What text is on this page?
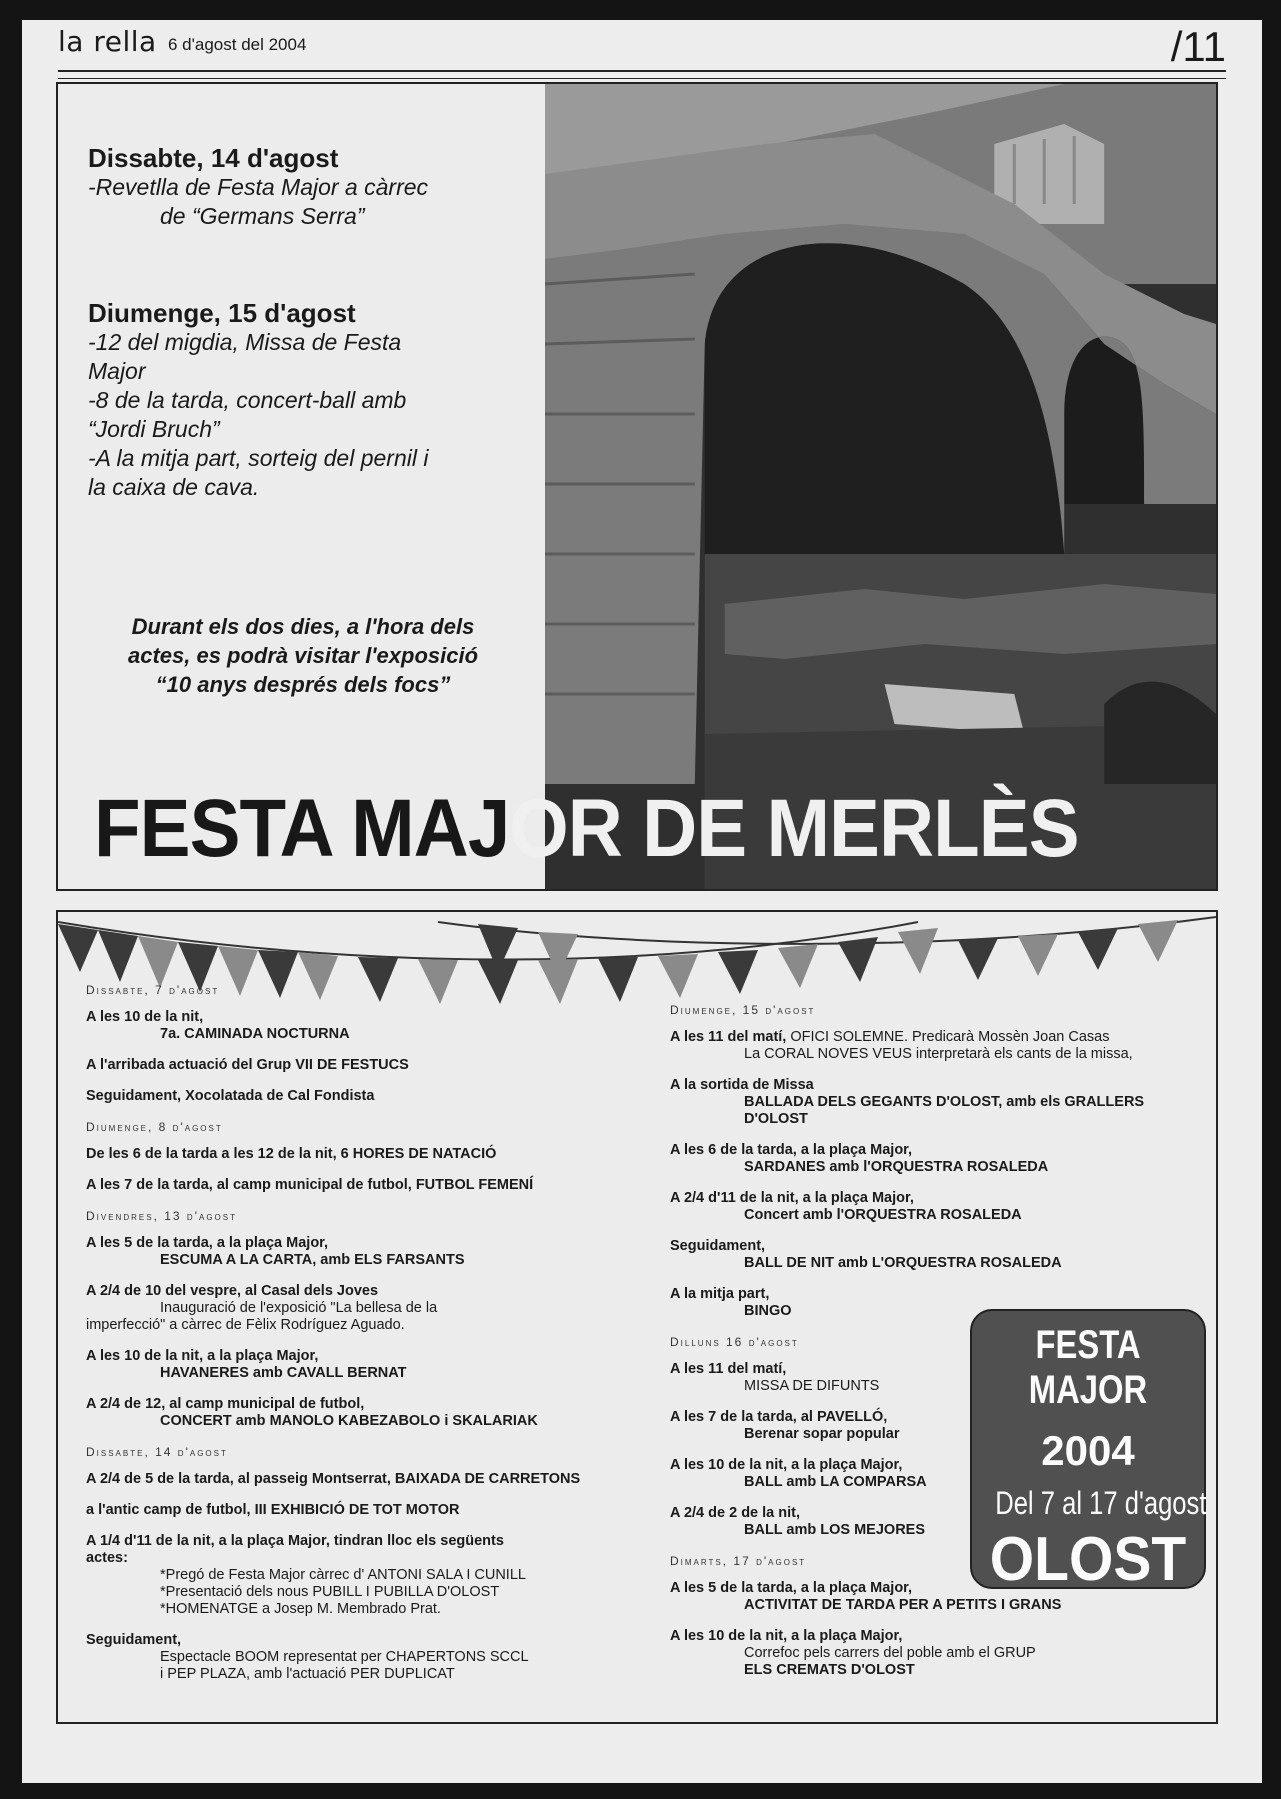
la rella 6 d'agost del 2004	/11
Dissabte, 14 d'agost
-Revetlla de Festa Major a càrrec
de “Germans Serra”
Diumenge, 15 d'agost
-12 del migdia, Missa de Festa
Major
-8 de la tarda, concert-ball amb
“Jordi Bruch”
-A la mitja part, sorteig del pernil i
la caixa de cava.
Durant els dos dies, a l'hora dels
actes, es podrà visitar l'exposició
“10 anys després dels focs”
FESTA MAJOR DE MERLÈS
Dissabte, 7 d'agost
A les 10 de la nit,
7a. CAMINADA NOCTURNA
A l'arribada actuació del Grup VII DE FESTUCS
Seguidament, Xocolatada de Cal Fondista
Diumenge, 8 d'agost
De les 6 de la tarda a les 12 de la nit, 6 HORES DE NATACIÓ
A les 7 de la tarda, al camp municipal de futbol, FUTBOL FEMENÍ
Divendres, 13 d'agost
A les 5 de la tarda, a la plaça Major,
ESCUMA A LA CARTA, amb ELS FARSANTS
A 2/4 de 10 del vespre, al Casal dels Joves
Inauguració de l'exposició "La bellesa de la
imperfecció" a càrrec de Fèlix Rodríguez Aguado.
A les 10 de la nit, a la plaça Major,
HAVANERES amb CAVALL BERNAT
A 2/4 de 12, al camp municipal de futbol,
CONCERT amb MANOLO KABEZABOLO i SKALARIAK
Dissabte, 14 d'agost
A 2/4 de 5 de la tarda, al passeig Montserrat, BAIXADA DE CARRETONS
a l'antic camp de futbol, III EXHIBICIÓ DE TOT MOTOR
A 1/4 d'11 de la nit, a la plaça Major, tindran lloc els següents
actes:
*Pregó de Festa Major càrrec d' ANTONI SALA I CUNILL
*Presentació dels nous PUBILL I PUBILLA D'OLOST
*HOMENATGE a Josep M. Membrado Prat.
Seguidament,
Espectacle BOOM representat per CHAPERTONS SCCL
i PEP PLAZA, amb l'actuació PER DUPLICAT
Diumenge, 15 d'agost
A les 11 del matí, OFICI SOLEMNE. Predicarà Mossèn Joan Casas
La CORAL NOVES VEUS interpretarà els cants de la missa,
A la sortida de Missa
BALLADA DELS GEGANTS D'OLOST, amb els GRALLERS D'OLOST
A les 6 de la tarda, a la plaça Major,
SARDANES amb l'ORQUESTRA ROSALEDA
A 2/4 d'11 de la nit, a la plaça Major,
Concert amb l'ORQUESTRA ROSALEDA
Seguidament,
BALL DE NIT amb L'ORQUESTRA ROSALEDA
A la mitja part,
BINGO
Dilluns 16 d'agost
A les 11 del matí,
MISSA DE DIFUNTS
A les 7 de la tarda, al PAVELLÓ,
Berenar sopar popular
A les 10 de la nit, a la plaça Major,
BALL amb LA COMPARSA
A 2/4 de 2 de la nit,
BALL amb LOS MEJORES
Dimarts, 17 d'agost
A les 5 de la tarda, a la plaça Major,
ACTIVITAT DE TARDA PER A PETITS I GRANS
A les 10 de la nit, a la plaça Major,
Correfoc pels carrers del poble amb el GRUP
ELS CREMATS D'OLOST
FESTA MAJOR
2004
Del 7 al 17 d'agost
OLOST
